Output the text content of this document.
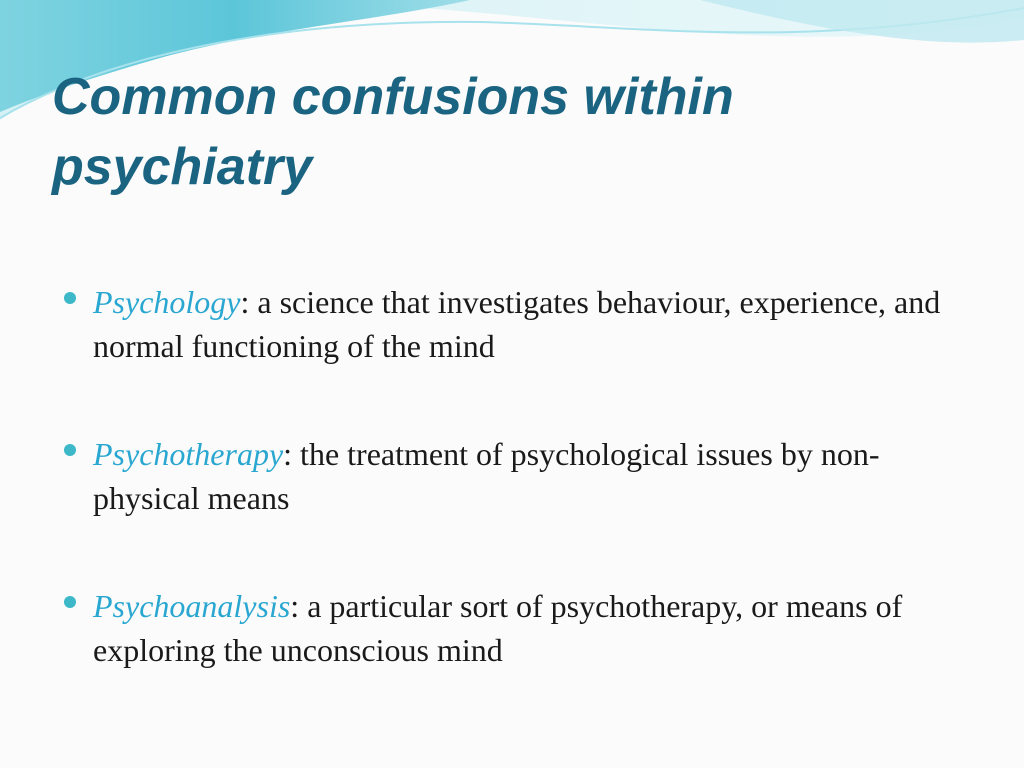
Common confusions within psychiatry
Psychology: a science that investigates behaviour, experience, and normal functioning of the mind
Psychotherapy: the treatment of psychological issues by non-physical means
Psychoanalysis: a particular sort of psychotherapy, or means of exploring the unconscious mind
